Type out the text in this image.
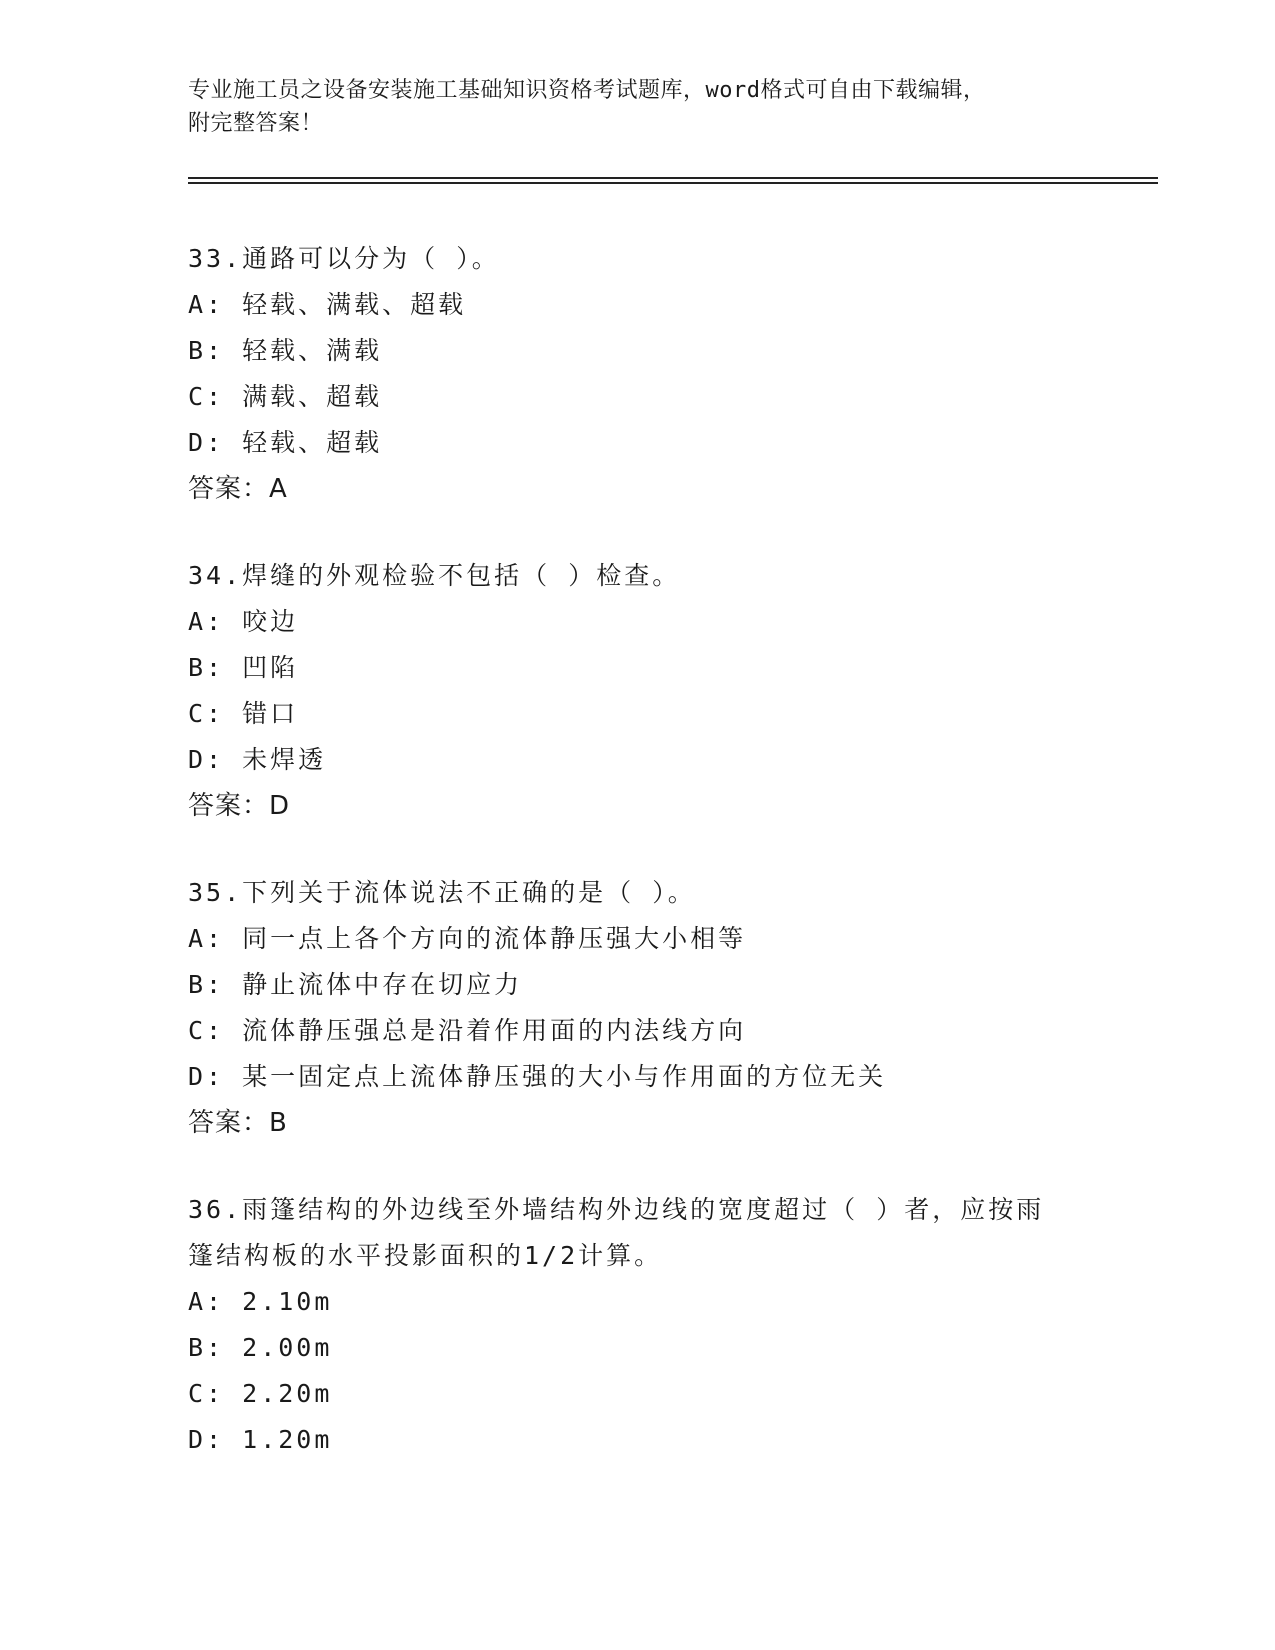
专业施工员之设备安装施工基础知识资格考试题库，word格式可自由下载编辑，
附完整答案！
33.通路可以分为（ ）。
A: 轻载、满载、超载
B: 轻载、满载
C: 满载、超载
D: 轻载、超载
答案：A
34.焊缝的外观检验不包括（ ）检查。
A: 咬边
B: 凹陷
C: 错口
D: 未焊透
答案：D
35.下列关于流体说法不正确的是（ ）。
A: 同一点上各个方向的流体静压强大小相等
B: 静止流体中存在切应力
C: 流体静压强总是沿着作用面的内法线方向
D: 某一固定点上流体静压强的大小与作用面的方位无关
答案：B
36.雨篷结构的外边线至外墙结构外边线的宽度超过（ ）者，应按雨
篷结构板的水平投影面积的1/2计算。
A: 2.10m
B: 2.00m
C: 2.20m
D: 1.20m
